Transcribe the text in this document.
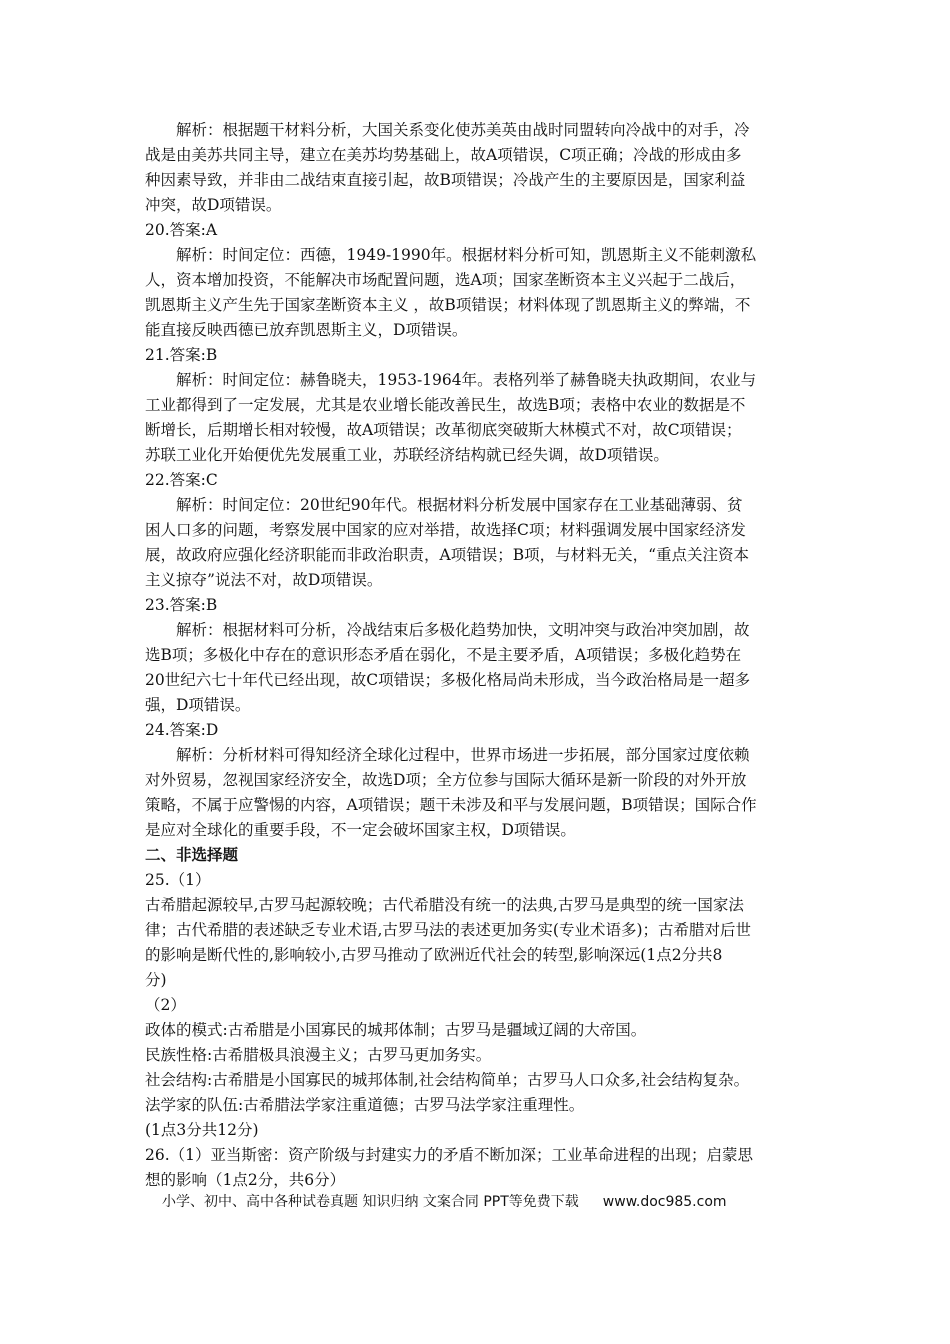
解析：根据题干材料分析，大国关系变化使苏美英由战时同盟转向冷战中的对手，冷
战是由美苏共同主导，建立在美苏均势基础上，故A项错误，C项正确；冷战的形成由多
种因素导致，并非由二战结束直接引起，故B项错误；冷战产生的主要原因是，国家利益
冲突，故D项错误。
20.答案:A
解析：时间定位：西德，1949-1990年。根据材料分析可知，凯恩斯主义不能刺激私
人，资本增加投资，不能解决市场配置问题，选A项；国家垄断资本主义兴起于二战后，
凯恩斯主义产生先于国家垄断资本主义 ，故B项错误；材料体现了凯恩斯主义的弊端，不
能直接反映西德已放弃凯恩斯主义，D项错误。
21.答案:B
解析：时间定位：赫鲁晓夫，1953-1964年。表格列举了赫鲁晓夫执政期间，农业与
工业都得到了一定发展，尤其是农业增长能改善民生，故选B项；表格中农业的数据是不
断增长，后期增长相对较慢，故A项错误；改革彻底突破斯大林模式不对，故C项错误；
苏联工业化开始便优先发展重工业，苏联经济结构就已经失调，故D项错误。
22.答案:C
解析：时间定位：20世纪90年代。根据材料分析发展中国家存在工业基础薄弱、贫
困人口多的问题，考察发展中国家的应对举措，故选择C项；材料强调发展中国家经济发
展，故政府应强化经济职能而非政治职责，A项错误；B项，与材料无关，“重点关注资本
主义掠夺”说法不对，故D项错误。
23.答案:B
解析：根据材料可分析，冷战结束后多极化趋势加快，文明冲突与政治冲突加剧，故
选B项；多极化中存在的意识形态矛盾在弱化，不是主要矛盾，A项错误；多极化趋势在
20世纪六七十年代已经出现，故C项错误；多极化格局尚未形成，当今政治格局是一超多
强，D项错误。
24.答案:D
解析：分析材料可得知经济全球化过程中，世界市场进一步拓展，部分国家过度依赖
对外贸易，忽视国家经济安全，故选D项；全方位参与国际大循环是新一阶段的对外开放
策略，不属于应警惕的内容，A项错误；题干未涉及和平与发展问题，B项错误；国际合作
是应对全球化的重要手段，不一定会破坏国家主权，D项错误。
二、非选择题
25.（1）
古希腊起源较早,古罗马起源较晚；古代希腊没有统一的法典,古罗马是典型的统一国家法
律；古代希腊的表述缺乏专业术语,古罗马法的表述更加务实(专业术语多)；古希腊对后世
的影响是断代性的,影响较小,古罗马推动了欧洲近代社会的转型,影响深远(1点2分共8
分)
（2）
政体的模式:古希腊是小国寡民的城邦体制；古罗马是疆域辽阔的大帝国。
民族性格:古希腊极具浪漫主义；古罗马更加务实。
社会结构:古希腊是小国寡民的城邦体制,社会结构简单；古罗马人口众多,社会结构复杂。
法学家的队伍:古希腊法学家注重道德；古罗马法学家注重理性。
(1点3分共12分)
26.（1）亚当斯密：资产阶级与封建实力的矛盾不断加深；工业革命进程的出现；启蒙思
想的影响（1点2分，共6分）
小学、初中、高中各种试卷真题 知识归纳 文案合同 PPT等免费下载 www.doc985.com
